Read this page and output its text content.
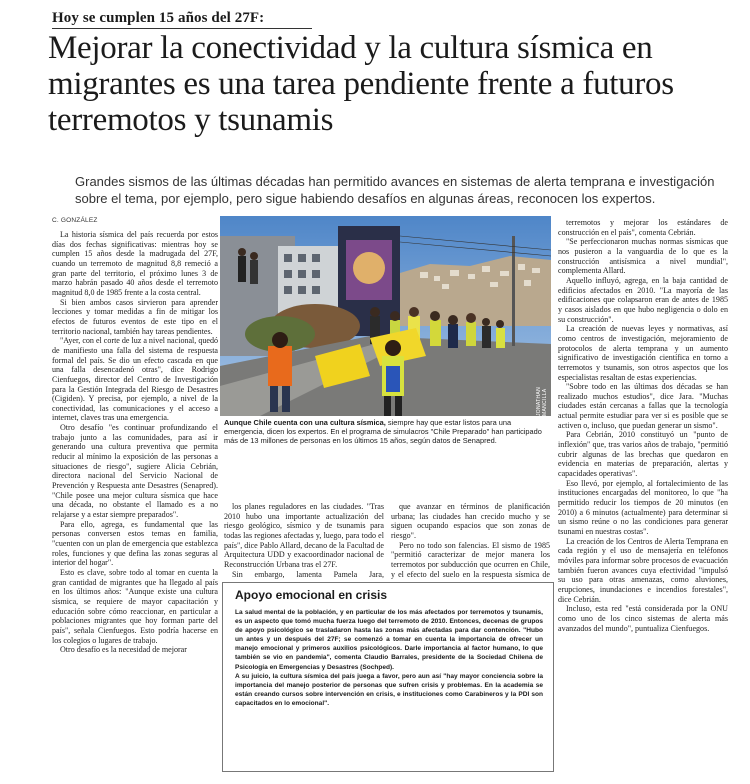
Hoy se cumplen 15 años del 27F:
Mejorar la conectividad y la cultura sísmica en migrantes es una tarea pendiente frente a futuros terremotos y tsunamis
Grandes sismos de las últimas décadas han permitido avances en sistemas de alerta temprana e investigación sobre el tema, por ejemplo, pero sigue habiendo desafíos en algunas áreas, reconocen los expertos.
C. GONZÁLEZ

La historia sísmica del país recuerda por estos días dos fechas significativas: mientras hoy se cumplen 15 años desde la madrugada del 27F, cuando un terremoto de magnitud 8,8 remeció a gran parte del territorio, el próximo lunes 3 de marzo habrán pasado 40 años desde el terremoto magnitud 8,0 de 1985 frente a la costa central.

Si bien ambos casos sirvieron para aprender lecciones y tomar medidas a fin de mitigar los efectos de futuros eventos de este tipo en el territorio nacional, también hay tareas pendientes.

"Ayer, con el corte de luz a nivel nacional, quedó de manifiesto una falla del sistema de respuesta formal del país. Se dio un efecto cascada en que una falla desencadenó otras", dice Rodrigo Cienfuegos, director del Centro de Investigación para la Gestión Integrada del Riesgo de Desastres (Cigiden). Y precisa, por ejemplo, a nivel de la conectividad, las comunicaciones y el acceso a internet, claves tras una emergencia.

Otro desafío "es continuar profundizando el trabajo junto a las comunidades, para así ir generando una cultura preventiva que permita reducir al mínimo la exposición de las personas a situaciones de riesgo", sugiere Alicia Cebrián, directora nacional del Servicio Nacional de Prevención y Respuesta ante Desastres (Senapred). "Chile posee una mejor cultura sísmica que hace una década, no obstante el llamado es a no relajarse y a estar siempre preparados".

Para ello, agrega, es fundamental que las personas conversen estos temas en familia, "cuenten con un plan de emergencia que establezca roles, funciones y que defina las zonas seguras al interior del hogar".

Esto es clave, sobre todo al tomar en cuenta la gran cantidad de migrantes que ha llegado al país en los últimos años: "Aunque existe una cultura sísmica, se requiere de mayor capacitación y educación sobre cómo reaccionar, en particular a poblaciones migrantes que hoy forman parte del país", señala Cienfuegos. Esto podría hacerse en los colegios o lugares de trabajo.

Otro desafío es la necesidad de mejorar

JONATHAN MANCILLA
Aunque Chile cuenta con una cultura sísmica, siempre hay que estar listos para una emergencia, dicen los expertos. En el programa de simulacros "Chile Preparado" han participado más de 13 millones de personas en los últimos 15 años, según datos de Senapred.

los planes reguladores en las ciudades. "Tras 2010 hubo una importante actualización del riesgo geológico, sísmico y de tsunamis para todas las regiones afectadas y, luego, para todo el país", dice Pablo Allard, decano de la Facultad de Arquitectura UDD y exacoordinador nacional de Reconstrucción Urbana tras el 27F.

Sin embargo, lamenta Pamela Jara,

que avanzar en términos de planificación urbana; las ciudades han crecido mucho y se siguen ocupando espacios que son zonas de riesgo".

Pero no todo son falencias. El sismo de 1985 "permitió caracterizar de mejor manera los terremotos por subducción que ocurren en Chile, y el efecto del suelo en la respuesta sísmica de

terremotos y mejorar los estándares de construcción en el país", comenta Cebrián.

"Se perfeccionaron muchas normas sísmicas que nos pusieron a la vanguardia de lo que es la construcción antisísmica a nivel mundial", complementa Allard.

Aquello influyó, agrega, en la baja cantidad de edificios afectados en 2010. "La mayoría de las edificaciones que colapsaron eran de antes de 1985 y casos aislados en que hubo negligencia o dolo en su construcción".

La creación de nuevas leyes y normativas, así como centros de investigación, mejoramiento de protocolos de alerta temprana y un aumento significativo de investigación científica en torno a terremotos y tsunamis, son otros aspectos que los especialistas resaltan de estas experiencias.

"Sobre todo en las últimas dos décadas se han realizado muchos estudios", dice Jara. "Muchas ciudades están cercanas a fallas que la tecnología actual permite estudiar para ver si es posible que se activen o, incluso, que puedan generar un sismo".

Para Cebrián, 2010 constituyó un "punto de inflexión" que, tras varios años de trabajo, "permitió cubrir algunas de las brechas que quedaron en evidencia en materias de preparación, alertas y capacidades operativas".

Eso llevó, por ejemplo, al fortalecimiento de las instituciones encargadas del monitoreo, lo que "ha permitido reducir los tiempos de 20 minutos (en 2010) a 6 minutos (actualmente) para determinar si un sismo reúne o no las condiciones para generar tsunami en nuestras costas".

La creación de los Centros de Alerta Temprana en cada región y el uso de mensajería en teléfonos móviles para informar sobre procesos de evacuación también fueron avances cuya efectividad "impulsó su uso para otras amenazas, como aluviones, erupciones, inundaciones e incendios forestales", dice Cebrián.

Incluso, esta red "está considerada por la ONU como uno de los cinco sistemas de alerta más avanzados del mundo", puntualiza Cienfuegos.

Apoyo emocional en crisis

La salud mental de la población, y en particular de los más afectados por terremotos y tsunamis, es un aspecto que tomó mucha fuerza luego del terremoto de 2010. Entonces, decenas de grupos de apoyo psicológico se trasladaron hasta las zonas más afectadas para dar contención. "Hubo un antes y un después del 27F; se comenzó a tomar en cuenta la importancia de ofrecer un manejo emocional y primeros auxilios psicológicos. Darle importancia al factor humano, lo que también se vio en pandemia", comenta Claudio Barrales, presidente de la Sociedad Chilena de Psicología en Emergencias y Desastres (Sochped).

A su juicio, la cultura sísmica del país juega a favor, pero aun así "hay mayor conciencia sobre la importancia del manejo posterior de personas que sufren crisis y problemas. En la academia se están creando cursos sobre intervención en crisis, e instituciones como Carabineros y la PDI son capacitados en lo emocional".
